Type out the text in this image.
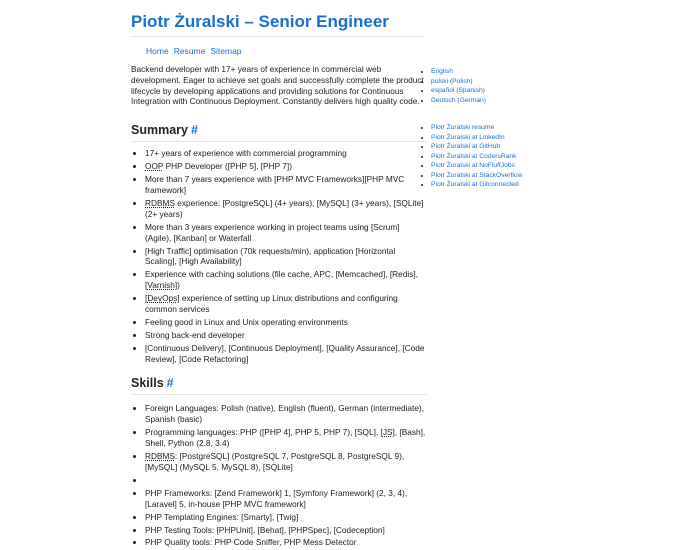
Piotr Żuralski – Senior Engineer
Home Resume Sitemap

Backend developer with 17+ years of experience in commercial web development. Eager to achieve set goals and successfully complete the product lifecycle by developing applications and providing solutions for Continuous Integration with Continuous Deployment. Constantly delivers high quality code.

Summary #
• 17+ years of experience with commercial programming
• OOP PHP Developer ([PHP 5], [PHP 7])
• More than 7 years experience with [PHP MVC Frameworks][PHP MVC framework]
• RDBMS experience: [PostgreSQL] (4+ years), [MySQL] (3+ years), [SQLite] (2+ years)
• More than 3 years experience working in project teams using [Scrum] (Agile), [Kanban] or Waterfall
• [High Traffic] optimisation (70k requests/min), application [Horizontal Scaling], [High Availability]
• Experience with caching solutions (file cache, APC, [Memcached], [Redis], [Varnish])
• [DevOps] experience of setting up Linux distributions and configuring common services
• Feeling good in Linux and Unix operating environments
• Strong back-end developer
• [Continuous Delivery], [Continuous Deployment], [Quality Assurance], [Code Review], [Code Refactoring]
Skills #
• Foreign Languages: Polish (native), English (fluent), German (intermediate), Spanish (basic)
• Programming languages: PHP ([PHP 4], PHP 5, PHP 7), [SQL], [JS], [Bash], Shell, Python (2.8, 3.4)
• RDBMS: [PostgreSQL] (PostgreSQL 7, PostgreSQL 8, PostgreSQL 9), [MySQL] (MySQL 5, MySQL 8), [SQLite]
•
• PHP Frameworks: [Zend Framework] 1, [Symfony Framework] (2, 3, 4), [Laravel] 5, in-house [PHP MVC framework]
• PHP Templating Engines: [Smarty], [Twig]
• PHP Testing Tools: [PHPUnit], [Behat], [PHPSpec], [Codeception]
• PHP Quality tools: PHP Code Sniffer, PHP Mess Detector
• English
• polski (Polish)
• español (Spanish)
• Deutsch (German)
• Piotr Żuralski resume
• Piotr Żuralski at LinkedIn
• Piotr Żuralski at GitHub
• Piotr Żuralski at CodersRank
• Piotr Żuralski at NoFluffJobs
• Piotr Żuralski at StackOverflow
• Piotr Żuralski at Gitconnected
